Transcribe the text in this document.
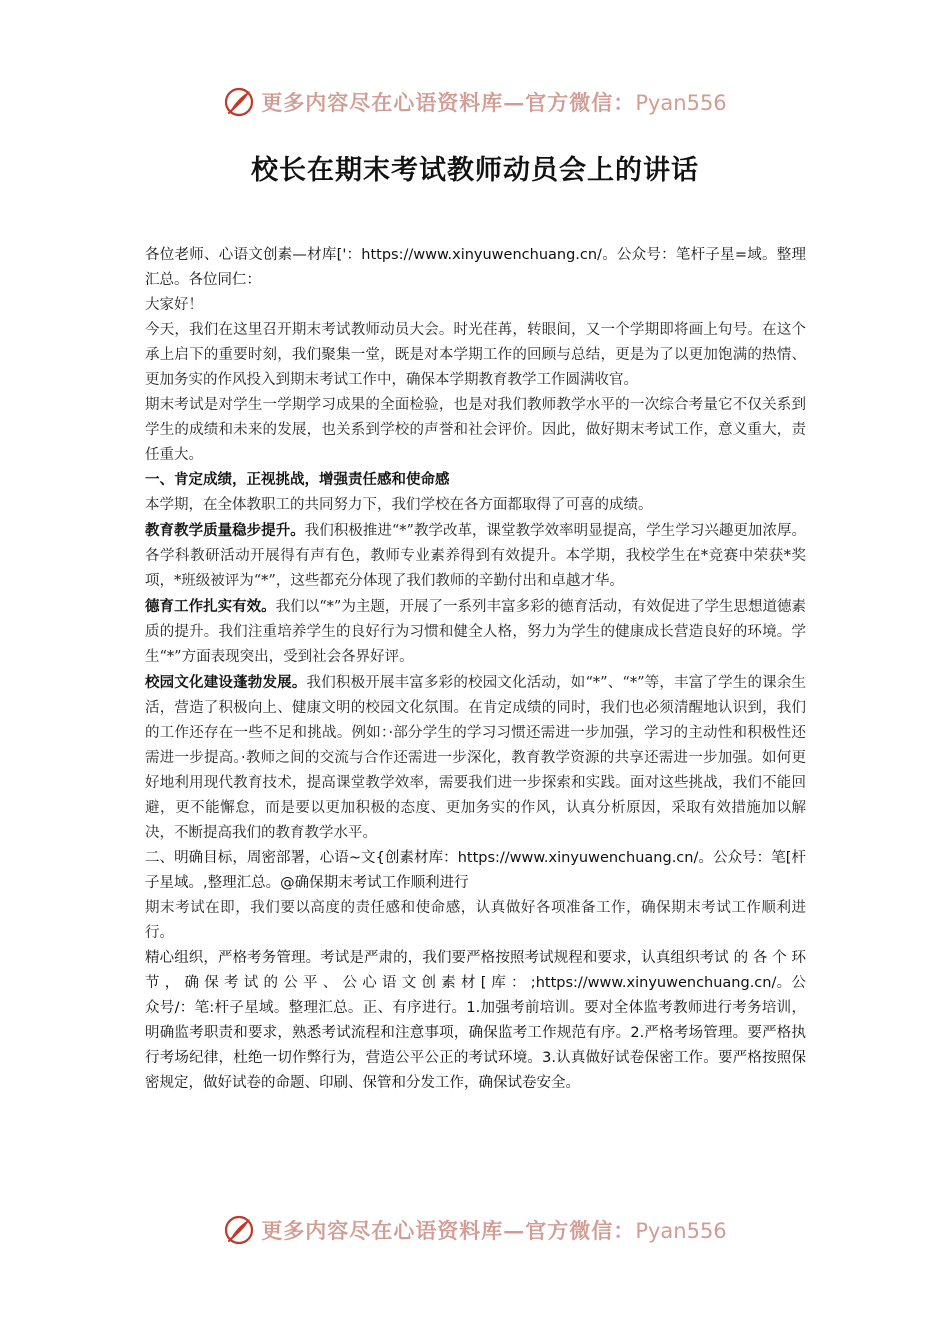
更多内容尽在心语资料库—官方微信：Pyan556
校长在期末考试教师动员会上的讲话

各位老师、心语文创素—材库['：https://www.xinyuwenchuang.cn/。公众号：笔杆子星=域。整理汇总。各位同仁：

大家好！

今天，我们在这里召开期末考试教师动员大会。时光荏苒，转眼间，又一个学期即将画上句号。在这个承上启下的重要时刻，我们聚集一堂，既是对本学期工作的回顾与总结，更是为了以更加饱满的热情、更加务实的作风投入到期末考试工作中，确保本学期教育教学工作圆满收官。

期末考试是对学生一学期学习成果的全面检验，也是对我们教师教学水平的一次综合考量它不仅关系到学生的成绩和未来的发展，也关系到学校的声誉和社会评价。因此，做好期末考试工作，意义重大，责任重大。

一、肯定成绩，正视挑战，增强责任感和使命感

本学期，在全体教职工的共同努力下，我们学校在各方面都取得了可喜的成绩。

教育教学质量稳步提升。我们积极推进“*”教学改革，课堂教学效率明显提高，学生学习兴趣更加浓厚。各学科教研活动开展得有声有色，教师专业素养得到有效提升。本学期，我校学生在*竞赛中荣获*奖项，*班级被评为“*”，这些都充分体现了我们教师的辛勤付出和卓越才华。

德育工作扎实有效。我们以“*”为主题，开展了一系列丰富多彩的德育活动，有效促进了学生思想道德素质的提升。我们注重培养学生的良好行为习惯和健全人格，努力为学生的健康成长营造良好的环境。学生“*”方面表现突出，受到社会各界好评。

校园文化建设蓬勃发展。我们积极开展丰富多彩的校园文化活动，如“*”、“*”等，丰富了学生的课余生活，营造了积极向上、健康文明的校园文化氛围。在肯定成绩的同时，我们也必须清醒地认识到，我们的工作还存在一些不足和挑战。例如：·部分学生的学习习惯还需进一步加强，学习的主动性和积极性还需进一步提高。·教师之间的交流与合作还需进一步深化，教育教学资源的共享还需进一步加强。如何更好地利用现代教育技术，提高课堂教学效率，需要我们进一步探索和实践。面对这些挑战，我们不能回避，更不能懈怠，而是要以更加积极的态度、更加务实的作风，认真分析原因，采取有效措施加以解决，不断提高我们的教育教学水平。

二、明确目标，周密部署，心语~文{创素材库：https://www.xinyuwenchuang.cn/。公众号：笔[杆子星域。,整理汇总。@确保期末考试工作顺利进行

期末考试在即，我们要以高度的责任感和使命感，认真做好各项准备工作，确保期末考试工作顺利进行。

精心组织，严格考务管理。考试是严肃的，我们要严格按照考试规程和要求，认真组织考试 的 各 个 环 节 ， 确 保 考 试 的 公 平 、 公 心 语 文 创 素 材 [ 库 ： ;https://www.xinyuwenchuang.cn/。公众号/：笔:杆子星域。整理汇总。正、有序进行。1.加强考前培训。要对全体监考教师进行考务培训，明确监考职责和要求，熟悉考试流程和注意事项，确保监考工作规范有序。2.严格考场管理。要严格执行考场纪律，杜绝一切作弊行为，营造公平公正的考试环境。3.认真做好试卷保密工作。要严格按照保密规定，做好试卷的命题、印刷、保管和分发工作，确保试卷安全。

更多内容尽在心语资料库—官方微信：Pyan556
